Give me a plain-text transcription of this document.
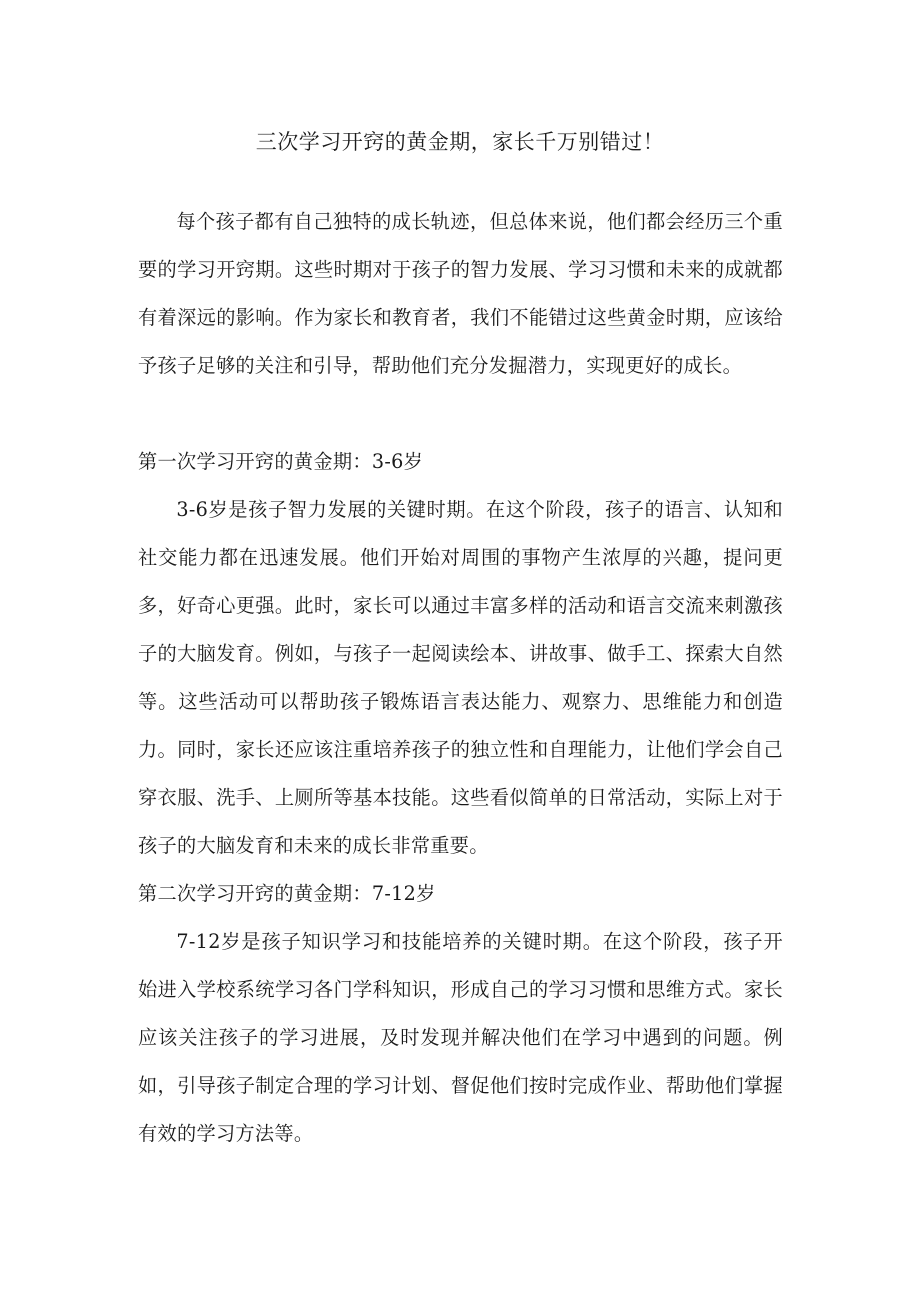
三次学习开窍的黄金期，家长千万别错过！

每个孩子都有自己独特的成长轨迹，但总体来说，他们都会经历三个重要的学习开窍期。这些时期对于孩子的智力发展、学习习惯和未来的成就都有着深远的影响。作为家长和教育者，我们不能错过这些黄金时期，应该给予孩子足够的关注和引导，帮助他们充分发掘潜力，实现更好的成长。

第一次学习开窍的黄金期：3-6岁

3-6岁是孩子智力发展的关键时期。在这个阶段，孩子的语言、认知和社交能力都在迅速发展。他们开始对周围的事物产生浓厚的兴趣，提问更多，好奇心更强。此时，家长可以通过丰富多样的活动和语言交流来刺激孩子的大脑发育。例如，与孩子一起阅读绘本、讲故事、做手工、探索大自然等。这些活动可以帮助孩子锻炼语言表达能力、观察力、思维能力和创造力。同时，家长还应该注重培养孩子的独立性和自理能力，让他们学会自己穿衣服、洗手、上厕所等基本技能。这些看似简单的日常活动，实际上对于孩子的大脑发育和未来的成长非常重要。

第二次学习开窍的黄金期：7-12岁

7-12岁是孩子知识学习和技能培养的关键时期。在这个阶段，孩子开始进入学校系统学习各门学科知识，形成自己的学习习惯和思维方式。家长应该关注孩子的学习进展，及时发现并解决他们在学习中遇到的问题。例如，引导孩子制定合理的学习计划、督促他们按时完成作业、帮助他们掌握有效的学习方法等。
